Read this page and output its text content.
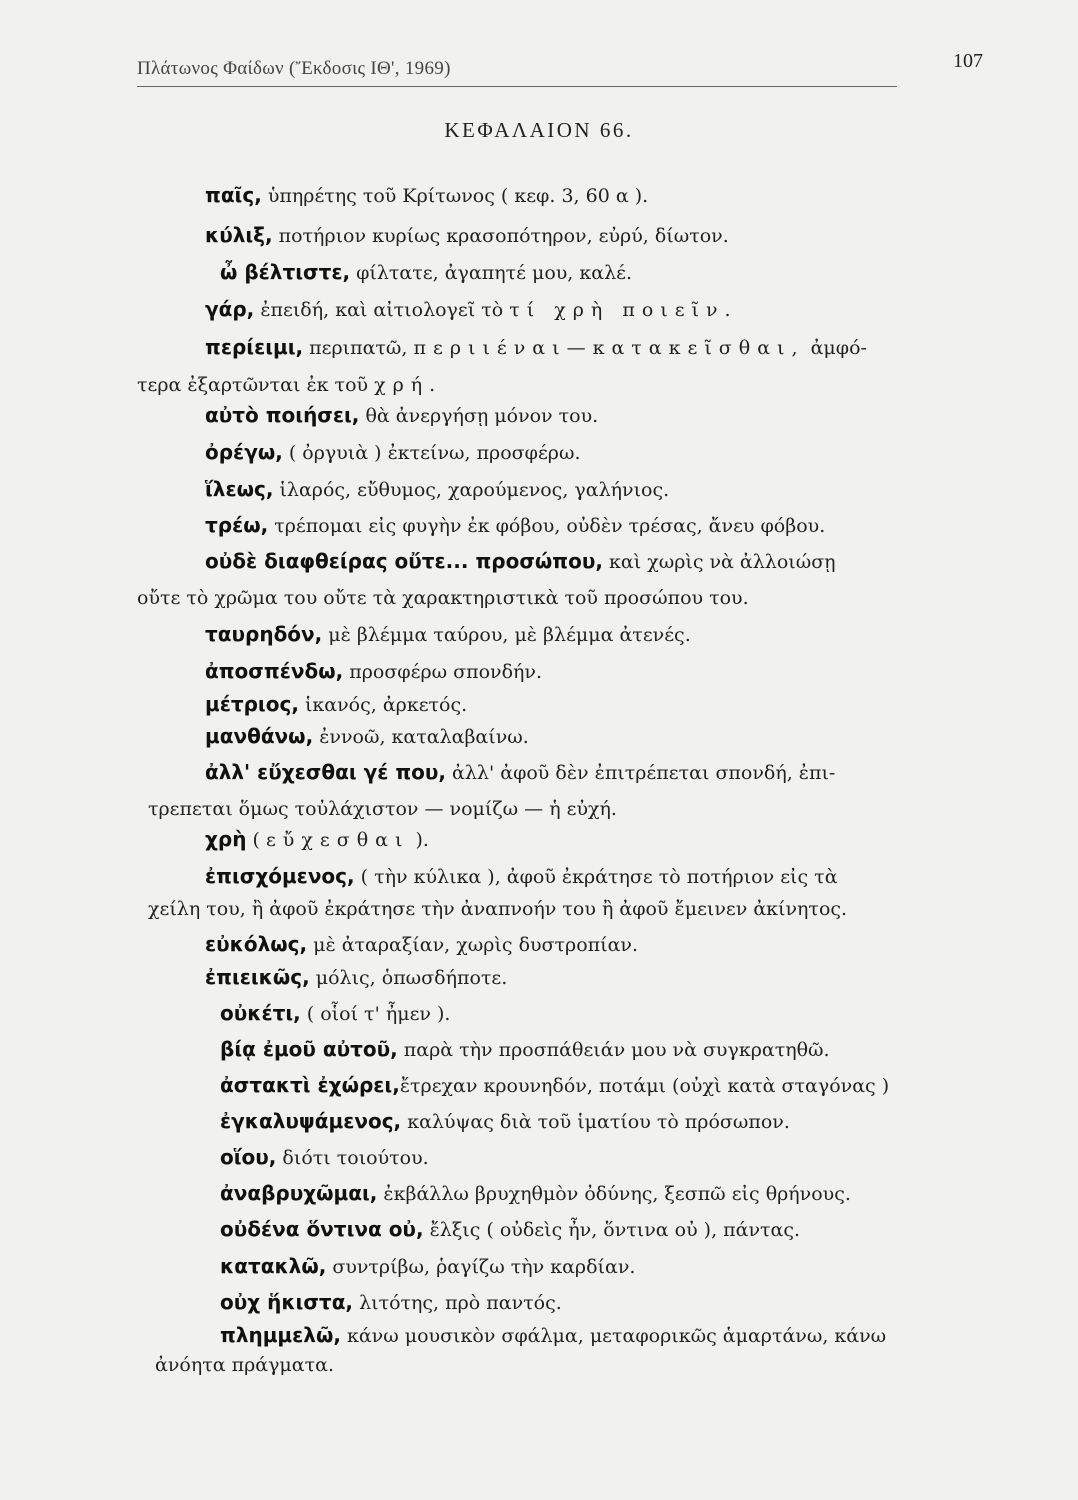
Πλάτωνος Φαίδων (Ἔκδοσις ΙΘ', 1969)	107
ΚΕΦΑΛΑΙΟΝ 66.
παῖς, ὑπηρέτης τοῦ Κρίτωνος ( κεφ. 3, 60 α ).
κύλιξ, ποτήριον κυρίως κρασοπότηρον, εὐρύ, δίωτον.
ὦ βέλτιστε, φίλτατε, ἀγαπητέ μου, καλέ.
γάρ, ἐπειδή, καὶ αἰτιολογεῖ τὸ τί χρὴ ποιεῖν.
περίειμι, περιπατῶ, περιιέναι—κατακεῖσθαι, ἀμφό-
τερα ἐξαρτῶνται ἐκ τοῦ χρή.
αὐτὸ ποιήσει, θὰ ἀνεργήσῃ μόνον του.
ὀρέγω, ( ὀργυιὰ ) ἐκτείνω, προσφέρω.
ἵλεως, ἱλαρός, εὔθυμος, χαρούμενος, γαλήνιος.
τρέω, τρέπομαι εἰς φυγὴν ἐκ φόβου, οὐδὲν τρέσας, ἄνευ φόβου.
οὐδὲ διαφθείρας οὔτε... προσώπου, καὶ χωρὶς νὰ ἀλλοιώσῃ
οὔτε τὸ χρῶμα του οὔτε τὰ χαρακτηριστικὰ τοῦ προσώπου του.
ταυρηδόν, μὲ βλέμμα ταύρου, μὲ βλέμμα ἀτενές.
ἀποσπένδω, προσφέρω σπονδήν.
μέτριος, ἱκανός, ἀρκετός.
μανθάνω, ἐννοῶ, καταλαβαίνω.
ἀλλ' εὔχεσθαι γέ που, ἀλλ' ἀφοῦ δὲν ἐπιτρέπεται σπονδή, ἐπι-
τρεπεται ὅμως τοὐλάχιστον — νομίζω — ἡ εὐχή.
χρὴ ( εὔχεσθαι ).
ἐπισχόμενος, ( τὴν κύλικα ), ἀφοῦ ἐκράτησε τὸ ποτήριον εἰς τὰ
χείλη του, ἢ ἀφοῦ ἐκράτησε τὴν ἀναπνοήν του ἢ ἀφοῦ ἔμεινεν ἀκίνητος.
εὐκόλως, μὲ ἀταραξίαν, χωρὶς δυστροπίαν.
ἐπιεικῶς, μόλις, ὁπωσδήποτε.
οὐκέτι, ( οἷοί τ' ἦμεν ).
βίᾳ ἐμοῦ αὐτοῦ, παρὰ τὴν προσπάθειάν μου νὰ συγκρατηθῶ.
ἀστακτὶ ἐχώρει,ἔτρεχαν κρουνηδόν, ποτάμι (οὐχὶ κατὰ σταγόνας )
ἐγκαλυψάμενος, καλύψας διὰ τοῦ ἱματίου τὸ πρόσωπον.
οἵου, διότι τοιούτου.
ἀναβρυχῶμαι, ἐκβάλλω βρυχηθμὸν ὀδύνης, ξεσπῶ εἰς θρήνους.
οὐδένα ὅντινα οὐ, ἔλξις ( οὐδεὶς ἦν, ὅντινα οὐ ), πάντας.
κατακλῶ, συντρίβω, ῥαγίζω τὴν καρδίαν.
οὐχ ἥκιστα, λιτότης, πρὸ παντός.
πλημμελῶ, κάνω μουσικὸν σφάλμα, μεταφορικῶς ἁμαρτάνω, κάνω
ἀνόητα πράγματα.
